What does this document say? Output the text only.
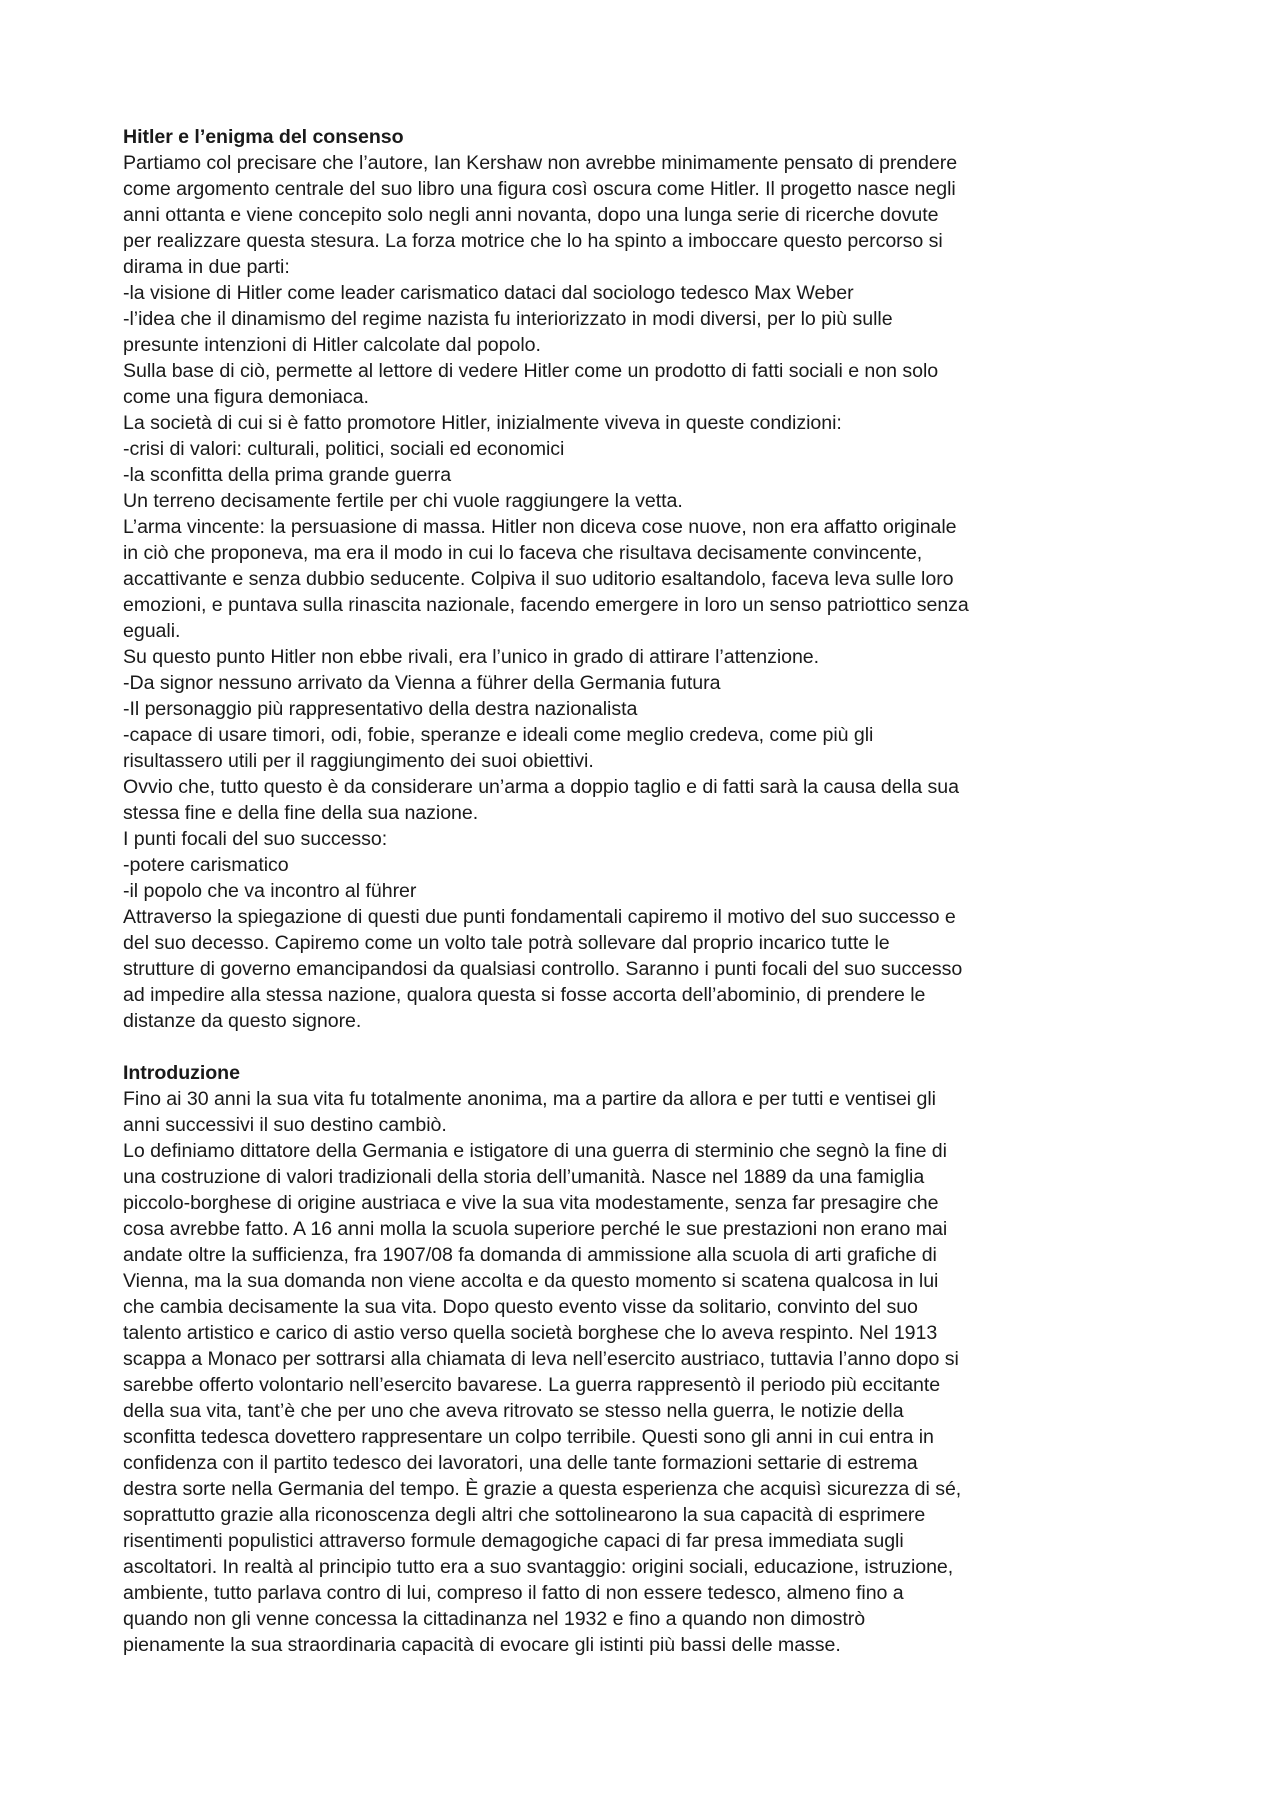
Hitler e l’enigma del consenso

Partiamo col precisare che l’autore, Ian Kershaw non avrebbe minimamente pensato di prendere

come argomento centrale del suo libro una figura così oscura come Hitler. Il progetto nasce negli

anni ottanta e viene concepito solo negli anni novanta, dopo una lunga serie di ricerche dovute

per realizzare questa stesura. La forza motrice che lo ha spinto a imboccare questo percorso si

dirama in due parti:

-la visione di Hitler come leader carismatico dataci dal sociologo tedesco Max Weber

-l’idea che il dinamismo del regime nazista fu interiorizzato in modi diversi, per lo più sulle

presunte intenzioni di Hitler calcolate dal popolo.

Sulla base di ciò, permette al lettore di vedere Hitler come un prodotto di fatti sociali e non solo

come una figura demoniaca.

La società di cui si è fatto promotore Hitler, inizialmente viveva in queste condizioni:

-crisi di valori: culturali, politici, sociali ed economici

-la sconfitta della prima grande guerra

Un terreno decisamente fertile per chi vuole raggiungere la vetta.

L’arma vincente: la persuasione di massa. Hitler non diceva cose nuove, non era affatto originale

in ciò che proponeva, ma era il modo in cui lo faceva che risultava decisamente convincente,

accattivante e senza dubbio seducente. Colpiva il suo uditorio esaltandolo, faceva leva sulle loro

emozioni, e puntava sulla rinascita nazionale, facendo emergere in loro un senso patriottico senza

eguali.

Su questo punto Hitler non ebbe rivali, era l’unico in grado di attirare l’attenzione.

-Da signor nessuno arrivato da Vienna a führer della Germania futura

-Il personaggio più rappresentativo della destra nazionalista

-capace di usare timori, odi, fobie, speranze e ideali come meglio credeva, come più gli

risultassero utili per il raggiungimento dei suoi obiettivi.

Ovvio che, tutto questo è da considerare un’arma a doppio taglio e di fatti sarà la causa della sua

stessa fine e della fine della sua nazione.

I punti focali del suo successo:

-potere carismatico

-il popolo che va incontro al führer

Attraverso la spiegazione di questi due punti fondamentali capiremo il motivo del suo successo e

del suo decesso. Capiremo come un volto tale potrà sollevare dal proprio incarico tutte le

strutture di governo emancipandosi da qualsiasi controllo. Saranno i punti focali del suo successo

ad impedire alla stessa nazione, qualora questa si fosse accorta dell’abominio, di prendere le

distanze da questo signore.

Introduzione

Fino ai 30 anni la sua vita fu totalmente anonima, ma a partire da allora e per tutti e ventisei gli

anni successivi il suo destino cambiò.

Lo definiamo dittatore della Germania e istigatore di una guerra di sterminio che segnò la fine di

una costruzione di valori tradizionali della storia dell’umanità. Nasce nel 1889 da una famiglia

piccolo-borghese di origine austriaca e vive la sua vita modestamente, senza far presagire che

cosa avrebbe fatto. A 16 anni molla la scuola superiore perché le sue prestazioni non erano mai

andate oltre la sufficienza, fra 1907/08 fa domanda di ammissione alla scuola di arti grafiche di

Vienna, ma la sua domanda non viene accolta e da questo momento si scatena qualcosa in lui

che cambia decisamente la sua vita. Dopo questo evento visse da solitario, convinto del suo

talento artistico e carico di astio verso quella società borghese che lo aveva respinto. Nel 1913

scappa a Monaco per sottrarsi alla chiamata di leva nell’esercito austriaco, tuttavia l’anno dopo si

sarebbe offerto volontario nell’esercito bavarese. La guerra rappresentò il periodo più eccitante

della sua vita, tant’è che per uno che aveva ritrovato se stesso nella guerra, le notizie della

sconfitta tedesca dovettero rappresentare un colpo terribile. Questi sono gli anni in cui entra in

confidenza con il partito tedesco dei lavoratori, una delle tante formazioni settarie di estrema

destra sorte nella Germania del tempo. È grazie a questa esperienza che acquisì sicurezza di sé,

soprattutto grazie alla riconoscenza degli altri che sottolinearono la sua capacità di esprimere

risentimenti populistici attraverso formule demagogiche capaci di far presa immediata sugli

ascoltatori. In realtà al principio tutto era a suo svantaggio: origini sociali, educazione, istruzione,

ambiente, tutto parlava contro di lui, compreso il fatto di non essere tedesco, almeno fino a

quando non gli venne concessa la cittadinanza nel 1932 e fino a quando non dimostrò

pienamente la sua straordinaria capacità di evocare gli istinti più bassi delle masse.
